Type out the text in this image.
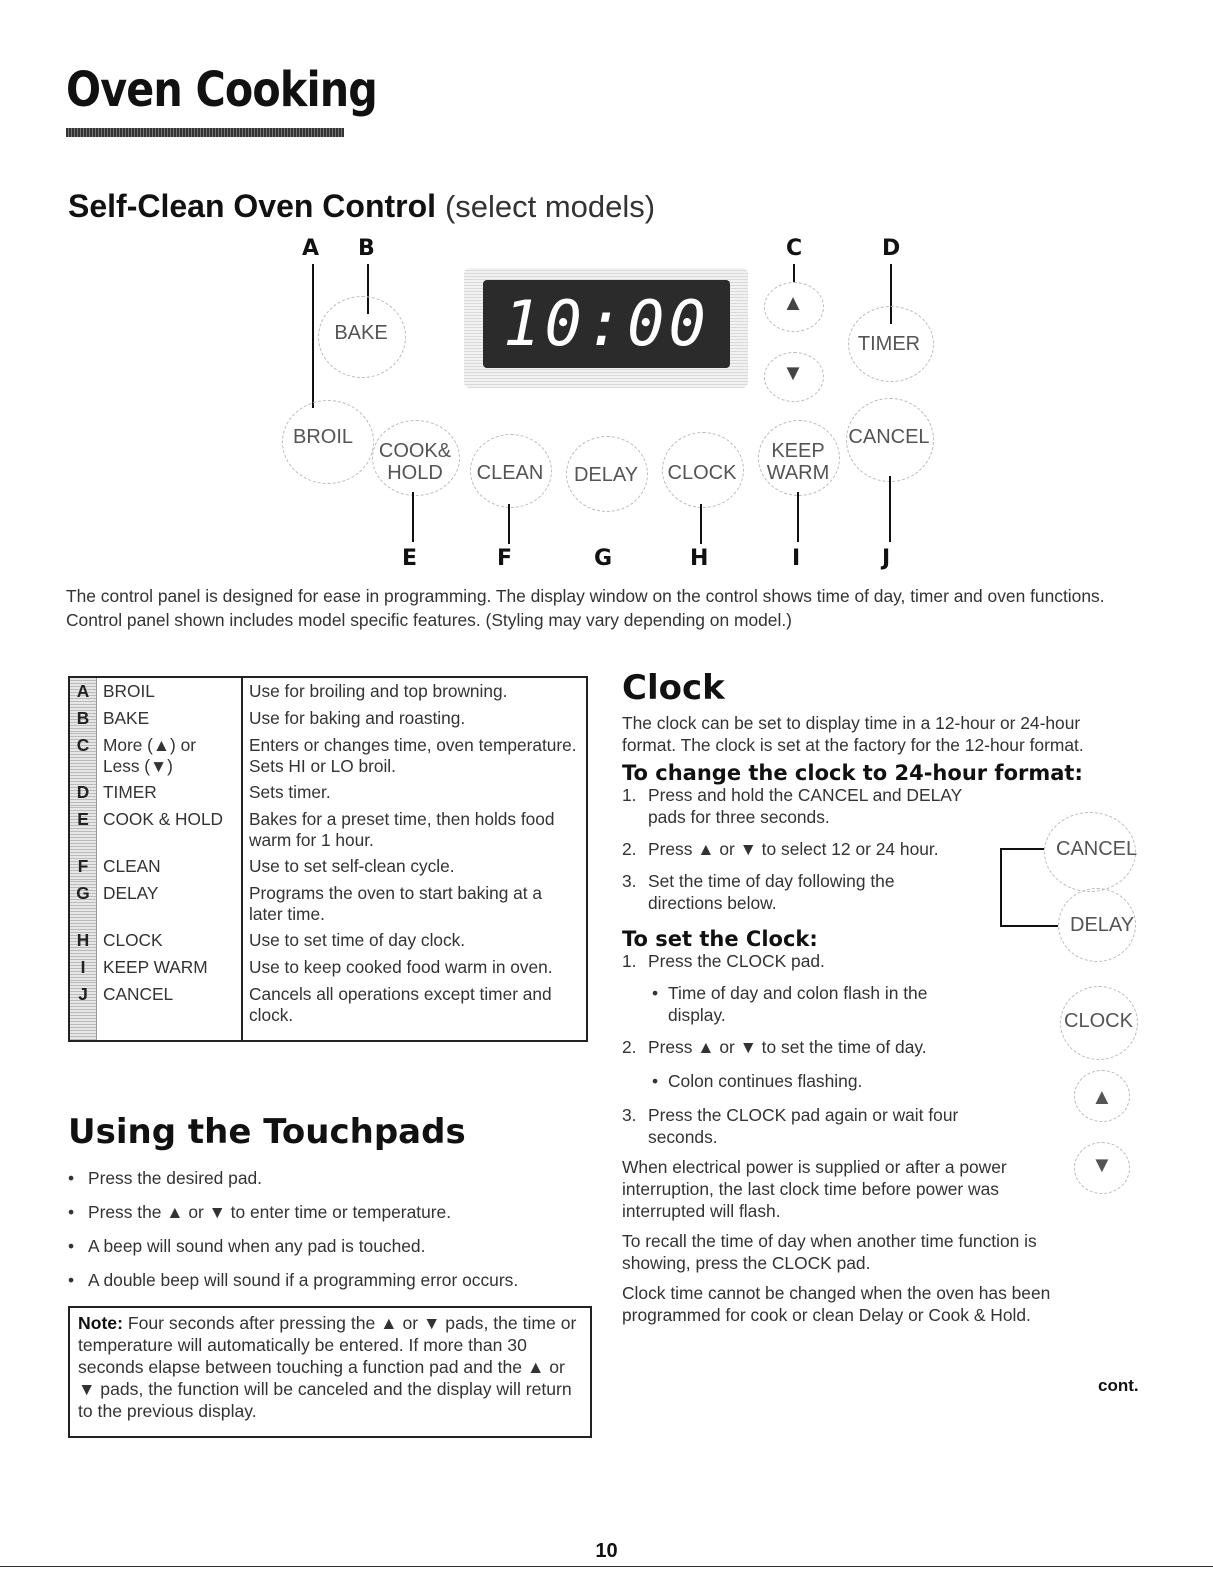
Oven Cooking
Self-Clean Oven Control (select models)
A B	C	D
10:00
BAKE	TIMER
▲
▼
BROIL
COOK&
HOLD	CLEAN	DELAY	CLOCK
KEEP
WARM
CANCEL
E	F	G	H	I	J
The control panel is designed for ease in programming. The display window on the control shows time of day, timer and oven functions.
Control panel shown includes model specific features. (Styling may vary depending on model.)
A	BROIL	Use for broiling and top browning.
B	BAKE	Use for baking and roasting.
C	More (▲) or Less (▼)	Enters or changes time, oven temperature. Sets HI or LO broil.
D	TIMER	Sets timer.
E	COOK & HOLD	Bakes for a preset time, then holds food warm for 1 hour.
F	CLEAN	Use to set self-clean cycle.
G	DELAY	Programs the oven to start baking at a later time.
H	CLOCK	Use to set time of day clock.
I	KEEP WARM	Use to keep cooked food warm in oven.
J	CANCEL	Cancels all operations except timer and clock.
Using the Touchpads
• Press the desired pad.
• Press the ▲ or ▼ to enter time or temperature.
• A beep will sound when any pad is touched.
• A double beep will sound if a programming error occurs.
Note: Four seconds after pressing the ▲ or ▼ pads, the time or temperature will automatically be entered. If more than 30 seconds elapse between touching a function pad and the ▲ or ▼ pads, the function will be canceled and the display will return to the previous display.
Clock
The clock can be set to display time in a 12-hour or 24-hour format. The clock is set at the factory for the 12-hour format.
To change the clock to 24-hour format:
1. Press and hold the CANCEL and DELAY pads for three seconds.
2. Press ▲ or ▼ to select 12 or 24 hour.
3. Set the time of day following the directions below.
To set the Clock:
1. Press the CLOCK pad.
• Time of day and colon flash in the display.
2. Press ▲ or ▼ to set the time of day.
• Colon continues flashing.
3. Press the CLOCK pad again or wait four seconds.
When electrical power is supplied or after a power interruption, the last clock time before power was interrupted will flash.
To recall the time of day when another time function is showing, press the CLOCK pad.
Clock time cannot be changed when the oven has been programmed for cook or clean Delay or Cook & Hold.
CANCEL
DELAY
CLOCK
▲
▼
cont.
10
